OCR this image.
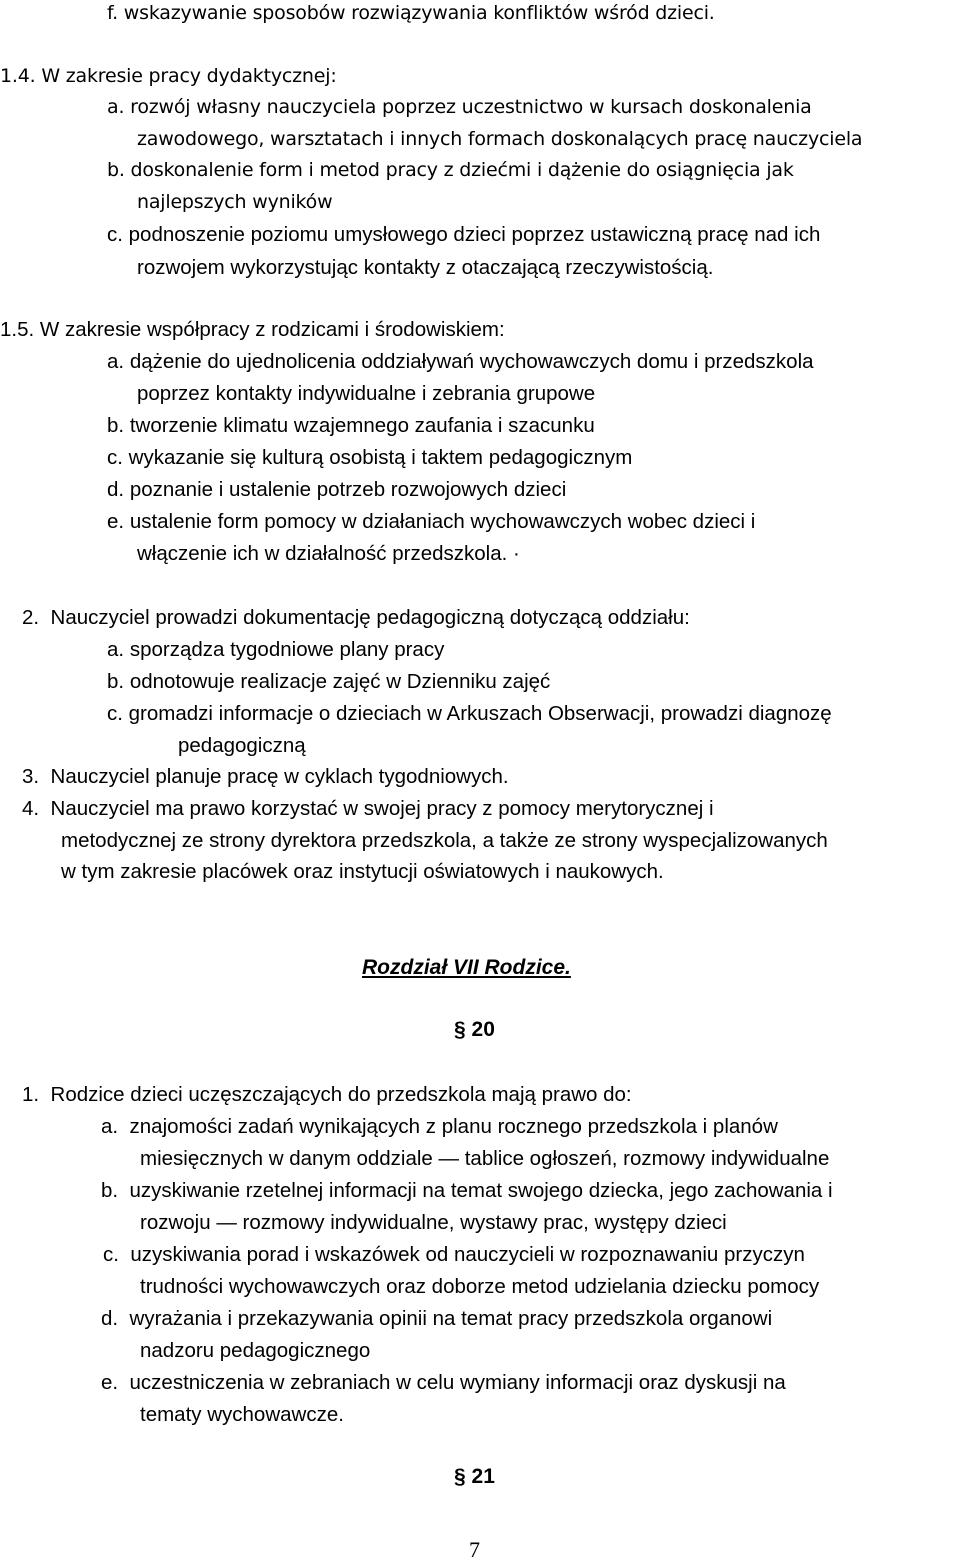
f. wskazywanie sposobów rozwiązywania konfliktów wśród dzieci.
1.4. W zakresie pracy dydaktycznej:
a. rozwój własny nauczyciela poprzez uczestnictwo w kursach doskonalenia
zawodowego, warsztatach i innych formach doskonalących pracę nauczyciela
b. doskonalenie form i metod pracy z dziećmi i dążenie do osiągnięcia jak
najlepszych wyników
c. podnoszenie poziomu umysłowego dzieci poprzez ustawiczną pracę nad ich
rozwojem wykorzystując kontakty z otaczającą rzeczywistością.
1.5. W zakresie współpracy z rodzicami i środowiskiem:
a. dążenie do ujednolicenia oddziaływań wychowawczych domu i przedszkola
poprzez kontakty indywidualne i zebrania grupowe
b. tworzenie klimatu wzajemnego zaufania i szacunku
c. wykazanie się kulturą osobistą i taktem pedagogicznym
d. poznanie i ustalenie potrzeb rozwojowych dzieci
e. ustalenie form pomocy w działaniach wychowawczych wobec dzieci i
włączenie ich w działalność przedszkola. ·
2. Nauczyciel prowadzi dokumentację pedagogiczną dotyczącą oddziału:
a. sporządza tygodniowe plany pracy
b. odnotowuje realizacje zajęć w Dzienniku zajęć
c. gromadzi informacje o dzieciach w Arkuszach Obserwacji, prowadzi diagnozę
pedagogiczną
3. Nauczyciel planuje pracę w cyklach tygodniowych.
4. Nauczyciel ma prawo korzystać w swojej pracy z pomocy merytorycznej i
metodycznej ze strony dyrektora przedszkola, a także ze strony wyspecjalizowanych
w tym zakresie placówek oraz instytucji oświatowych i naukowych.
Rozdział VII Rodzice.
§ 20
1. Rodzice dzieci uczęszczających do przedszkola mają prawo do:
a. znajomości zadań wynikających z planu rocznego przedszkola i planów
miesięcznych w danym oddziale — tablice ogłoszeń, rozmowy indywidualne
b. uzyskiwanie rzetelnej informacji na temat swojego dziecka, jego zachowania i
rozwoju — rozmowy indywidualne, wystawy prac, występy dzieci
c. uzyskiwania porad i wskazówek od nauczycieli w rozpoznawaniu przyczyn
trudności wychowawczych oraz doborze metod udzielania dziecku pomocy
d. wyrażania i przekazywania opinii na temat pracy przedszkola organowi
nadzoru pedagogicznego
e. uczestniczenia w zebraniach w celu wymiany informacji oraz dyskusji na
tematy wychowawcze.
§ 21
7
